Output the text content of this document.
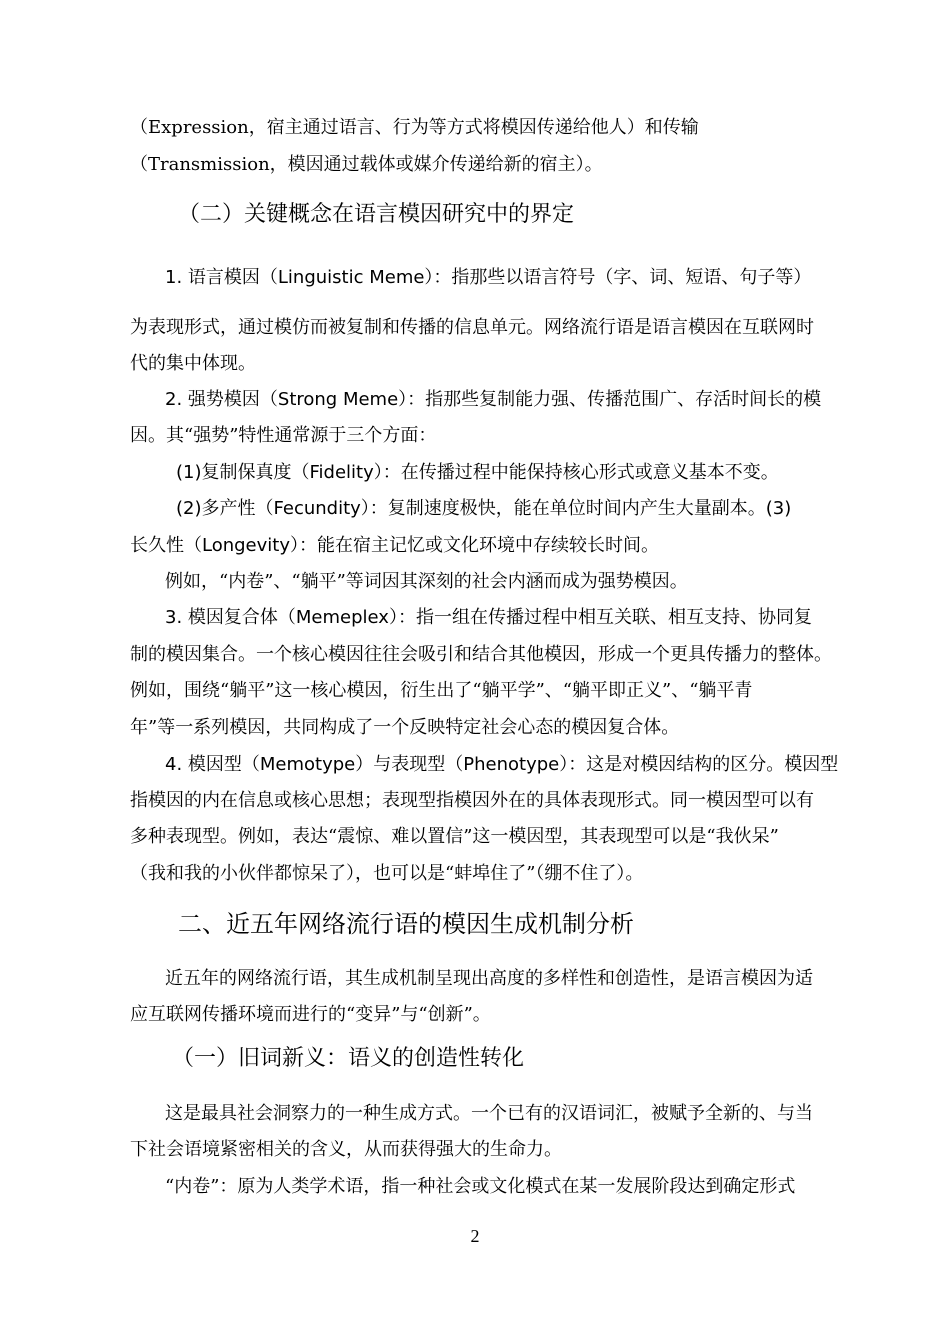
（Expression，宿主通过语言、行为等方式将模因传递给他人）和传输
（Transmission，模因通过载体或媒介传递给新的宿主）。
（二）关键概念在语言模因研究中的界定
1. 语言模因（Linguistic Meme）：指那些以语言符号（字、词、短语、句子等）
为表现形式，通过模仿而被复制和传播的信息单元。网络流行语是语言模因在互联网时
代的集中体现。
2. 强势模因（Strong Meme）：指那些复制能力强、传播范围广、存活时间长的模
因。其“强势”特性通常源于三个方面：
(1)复制保真度（Fidelity）：在传播过程中能保持核心形式或意义基本不变。
(2)多产性（Fecundity）：复制速度极快，能在单位时间内产生大量副本。(3)
长久性（Longevity）：能在宿主记忆或文化环境中存续较长时间。
例如，“内卷”、“躺平”等词因其深刻的社会内涵而成为强势模因。
3. 模因复合体（Memeplex）：指一组在传播过程中相互关联、相互支持、协同复
制的模因集合。一个核心模因往往会吸引和结合其他模因，形成一个更具传播力的整体。
例如，围绕“躺平”这一核心模因，衍生出了“躺平学”、“躺平即正义”、“躺平青
年”等一系列模因，共同构成了一个反映特定社会心态的模因复合体。
4. 模因型（Memotype）与表现型（Phenotype）：这是对模因结构的区分。模因型
指模因的内在信息或核心思想；表现型指模因外在的具体表现形式。同一模因型可以有
多种表现型。例如，表达“震惊、难以置信”这一模因型，其表现型可以是“我伙呆”
（我和我的小伙伴都惊呆了），也可以是“蚌埠住了”（绷不住了）。
二、近五年网络流行语的模因生成机制分析
近五年的网络流行语，其生成机制呈现出高度的多样性和创造性，是语言模因为适
应互联网传播环境而进行的“变异”与“创新”。
（一）旧词新义：语义的创造性转化
这是最具社会洞察力的一种生成方式。一个已有的汉语词汇，被赋予全新的、与当
下社会语境紧密相关的含义，从而获得强大的生命力。
“内卷”：原为人类学术语，指一种社会或文化模式在某一发展阶段达到确定形式
2
